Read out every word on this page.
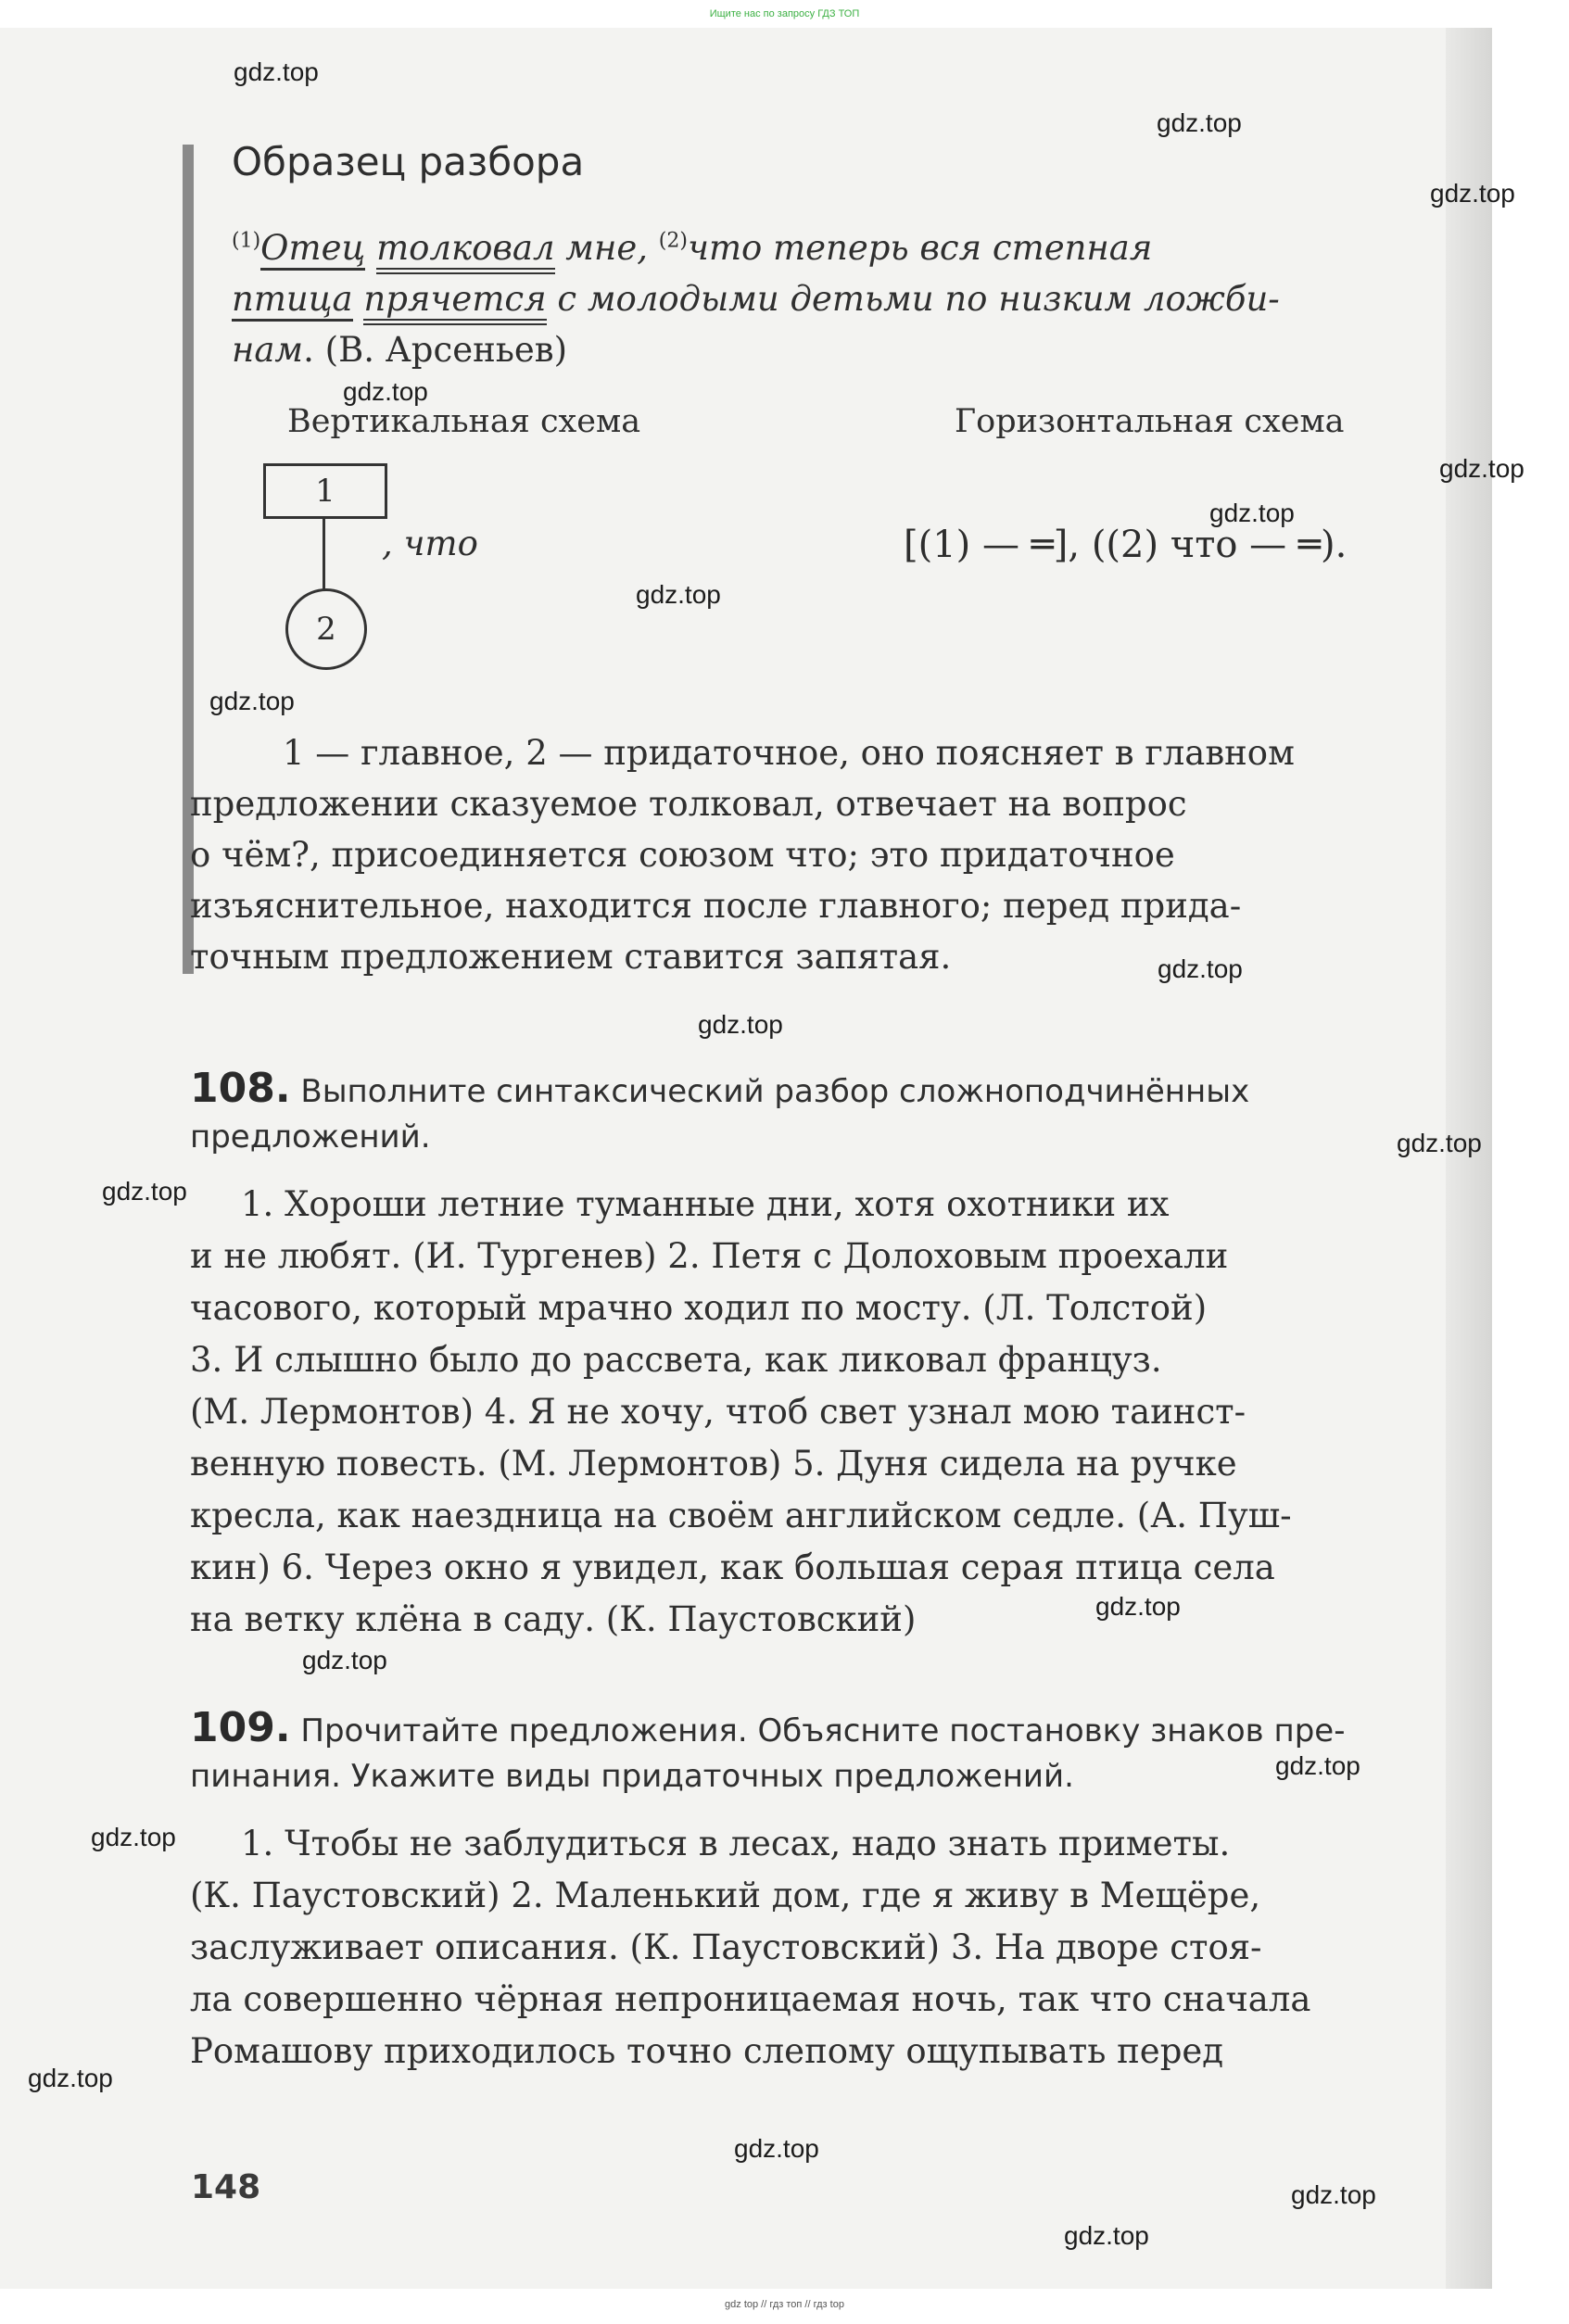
Ищите нас по запросу ГДЗ ТОП
gdz.top
gdz.top
gdz.top
gdz.top
gdz.top
gdz.top
gdz.top
gdz.top
gdz.top
gdz.top
gdz.top
gdz.top
gdz.top
gdz.top
gdz.top
gdz.top
gdz.top
gdz.top
gdz.top
gdz.top
Образец разбора
$^{(1)}$Отец толковал мне, $^{(2)}$что теперь вся степная
птица прячется с молодыми детьми по низким ложби-
нам. (В. Арсеньев)
Вертикальная схема	Горизонтальная схема
1
2
, что	[(1) — ═], ((2) что — ═).
1 — главное, 2 — придаточное, оно поясняет в главном
предложении сказуемое толковал, отвечает на вопрос
о чём?, присоединяется союзом что; это придаточное
изъяснительное, находится после главного; перед прида-
точным предложением ставится запятая.
108. Выполните синтаксический разбор сложноподчинённых
предложений.
1. Хороши летние туманные дни, хотя охотники их
и не любят. (И. Тургенев) 2. Петя с Долоховым проехали
часового, который мрачно ходил по мосту. (Л. Толстой)
3. И слышно было до рассвета, как ликовал француз.
(М. Лермонтов) 4. Я не хочу, чтоб свет узнал мою таинст-
венную повесть. (М. Лермонтов) 5. Дуня сидела на ручке
кресла, как наездница на своём английском седле. (А. Пуш-
кин) 6. Через окно я увидел, как большая серая птица села
на ветку клёна в саду. (К. Паустовский)
109. Прочитайте предложения. Объясните постановку знаков пре-
пинания. Укажите виды придаточных предложений.
1. Чтобы не заблудиться в лесах, надо знать приметы.
(К. Паустовский) 2. Маленький дом, где я живу в Мещёре,
заслуживает описания. (К. Паустовский) 3. На дворе стоя-
ла совершенно чёрная непроницаемая ночь, так что сначала
Ромашову приходилось точно слепому ощупывать перед
148
gdz top // гдз топ // гдз top
